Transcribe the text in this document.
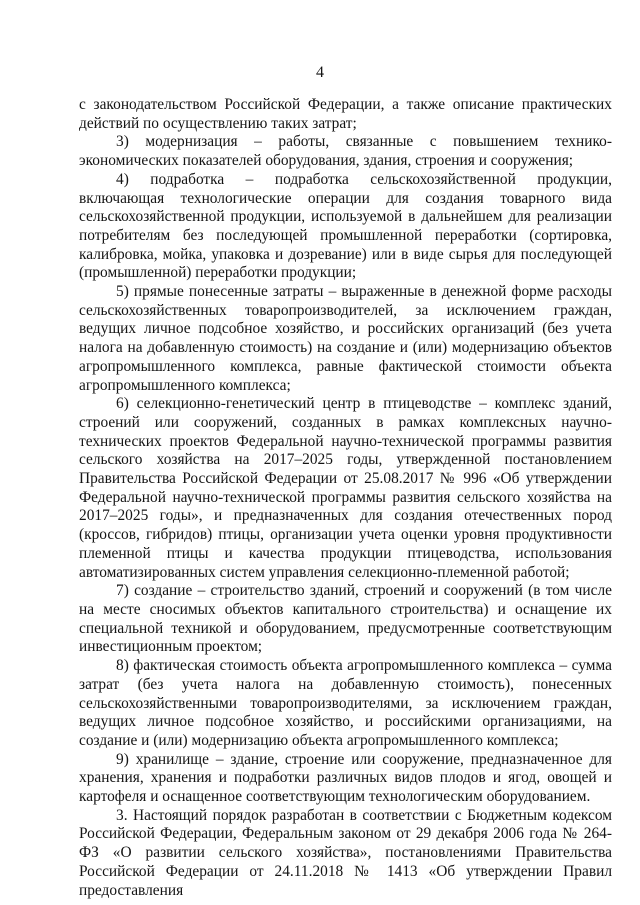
4

с законодательством Российской Федерации, а также описание практических действий по осуществлению таких затрат;

3) модернизация – работы, связанные с повышением технико-экономических показателей оборудования, здания, строения и сооружения;

4) подработка – подработка сельскохозяйственной продукции, включающая технологические операции для создания товарного вида сельскохозяйственной продукции, используемой в дальнейшем для реализации потребителям без последующей промышленной переработки (сортировка, калибровка, мойка, упаковка и дозревание) или в виде сырья для последующей (промышленной) переработки продукции;

5) прямые понесенные затраты – выраженные в денежной форме расходы сельскохозяйственных товаропроизводителей, за исключением граждан, ведущих личное подсобное хозяйство, и российских организаций (без учета налога на добавленную стоимость) на создание и (или) модернизацию объектов агропромышленного комплекса, равные фактической стоимости объекта агропромышленного комплекса;

6) селекционно-генетический центр в птицеводстве – комплекс зданий, строений или сооружений, созданных в рамках комплексных научно-технических проектов Федеральной научно-технической программы развития сельского хозяйства на 2017–2025 годы, утвержденной постановлением Правительства Российской Федерации от 25.08.2017 № 996 «Об утверждении Федеральной научно-технической программы развития сельского хозяйства на 2017–2025 годы», и предназначенных для создания отечественных пород (кроссов, гибридов) птицы, организации учета оценки уровня продуктивности племенной птицы и качества продукции птицеводства, использования автоматизированных систем управления селекционно-племенной работой;

7) создание – строительство зданий, строений и сооружений (в том числе на месте сносимых объектов капитального строительства) и оснащение их специальной техникой и оборудованием, предусмотренные соответствующим инвестиционным проектом;

8) фактическая стоимость объекта агропромышленного комплекса – сумма затрат (без учета налога на добавленную стоимость), понесенных сельскохозяйственными товаропроизводителями, за исключением граждан, ведущих личное подсобное хозяйство, и российскими организациями, на создание и (или) модернизацию объекта агропромышленного комплекса;

9) хранилище – здание, строение или сооружение, предназначенное для хранения, хранения и подработки различных видов плодов и ягод, овощей и картофеля и оснащенное соответствующим технологическим оборудованием.

3. Настоящий порядок разработан в соответствии с Бюджетным кодексом Российской Федерации, Федеральным законом от 29 декабря 2006 года № 264-ФЗ «О развитии сельского хозяйства», постановлениями Правительства Российской Федерации от 24.11.2018 № 1413 «Об утверждении Правил предоставления
